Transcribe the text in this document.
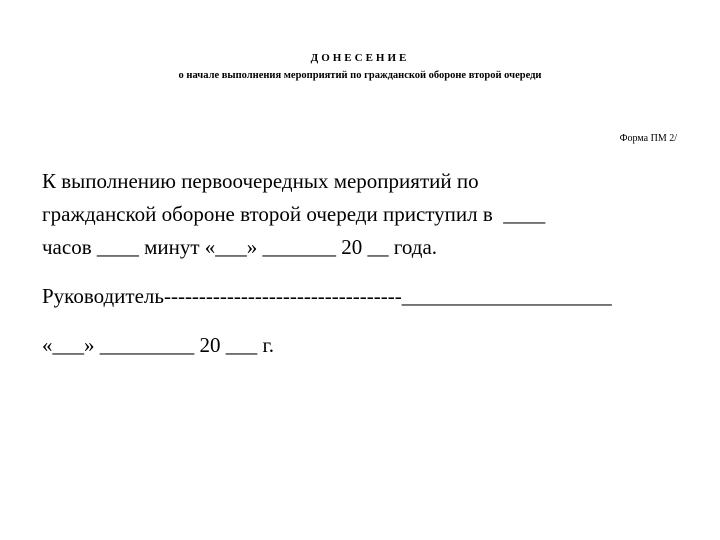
ДОНЕСЕНИЕ
о начале выполнения мероприятий по гражданской обороне второй очереди
Форма ПМ 2/
К выполнению первоочередных мероприятий по
гражданской обороне второй очереди приступил в  ____
часов ____ минут «___» _______ 20 __ года.
Руководитель----------------------------------____________________
«___» _________ 20 ___ г.
